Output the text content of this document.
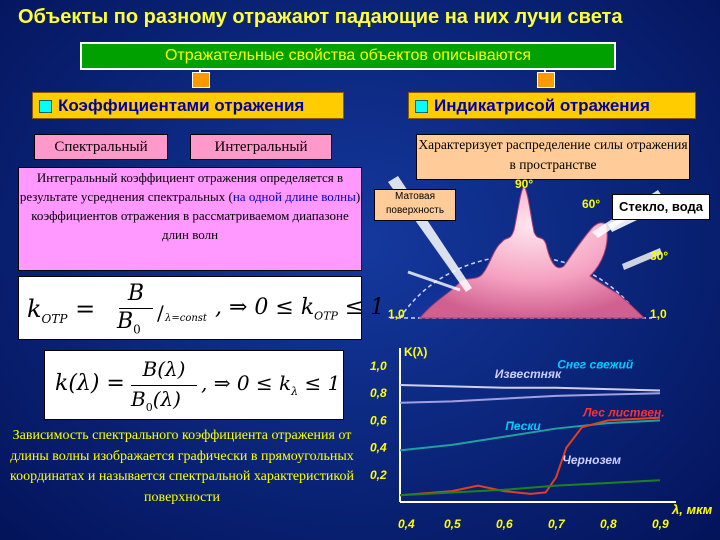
Объекты по разному отражают падающие на них лучи света
Отражательные свойства объектов описываются
Коэффициентами отражения	Индикатрисой отражения
Спектральный	Интегральный
Интегральный коэффициент отражения определяется в результате усреднения спектральных (на одной длине волны) коэффициентов отражения в рассматриваемом диапазоне длин волн
Характеризует распределение силы отражения в пространстве
90°
60°
30°
1,0	1,0
Матовая поверхность	Стекло, вода
$k_{ОТР}$ =
B
$B_0$
/ λ=const , ⇒ $0 \le k_{ОТР} \le 1$
k(λ) =
B(λ)
$B_0(\lambda)$
, ⇒ $0 \le k_\lambda \le 1$
Зависимость спектрального коэффициента отражения от длины волны изображается графически в прямоугольных координатах и называется спектральной характеристикой поверхности
K(λ)
λ, мкм
0,4 0,5	0,6	0,7	0,8	0,9
0,2
0,4
0,6
0,8
1,0	Снег свежий
Известняк
Пески
Лес листвен.
Чернозем
